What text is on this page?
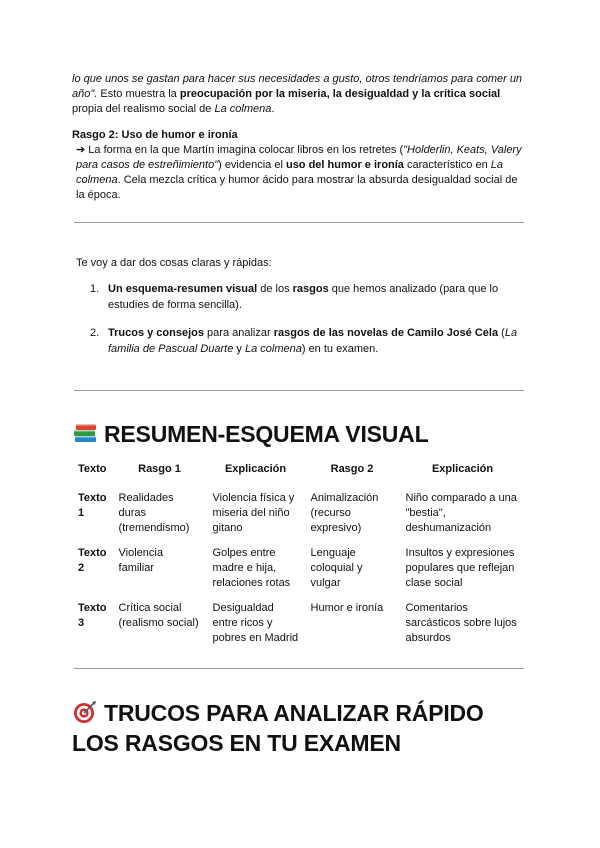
lo que unos se gastan para hacer sus necesidades a gusto, otros tendríamos para comer un año". Esto muestra la preocupación por la miseria, la desigualdad y la crítica social propia del realismo social de La colmena.
Rasgo 2: Uso de humor e ironía
➔ La forma en la que Martín imagina colocar libros en los retretes ("Holderlin, Keats, Valery para casos de estreñimiento") evidencia el uso del humor e ironía característico en La colmena. Cela mezcla crítica y humor ácido para mostrar la absurda desigualdad social de la época.
Te voy a dar dos cosas claras y rápidas:
1. Un esquema-resumen visual de los rasgos que hemos analizado (para que lo estudies de forma sencilla).
2. Trucos y consejos para analizar rasgos de las novelas de Camilo José Cela (La familia de Pascual Duarte y La colmena) en tu examen.
RESUMEN-ESQUEMA VISUAL
Texto	Rasgo 1	Explicación	Rasgo 2	Explicación
Texto 1	Realidades duras (tremendismo)	Violencia física y miseria del niño gitano	Animalización (recurso expresivo)	Niño comparado a una "bestia", deshumanización
Texto 2	Violencia familiar	Golpes entre madre e hija, relaciones rotas	Lenguaje coloquial y vulgar	Insultos y expresiones populares que reflejan clase social
Texto 3	Crítica social (realismo social)	Desigualdad entre ricos y pobres en Madrid	Humor e ironía	Comentarios sarcásticos sobre lujos absurdos
TRUCOS PARA ANALIZAR RÁPIDO LOS RASGOS EN TU EXAMEN
